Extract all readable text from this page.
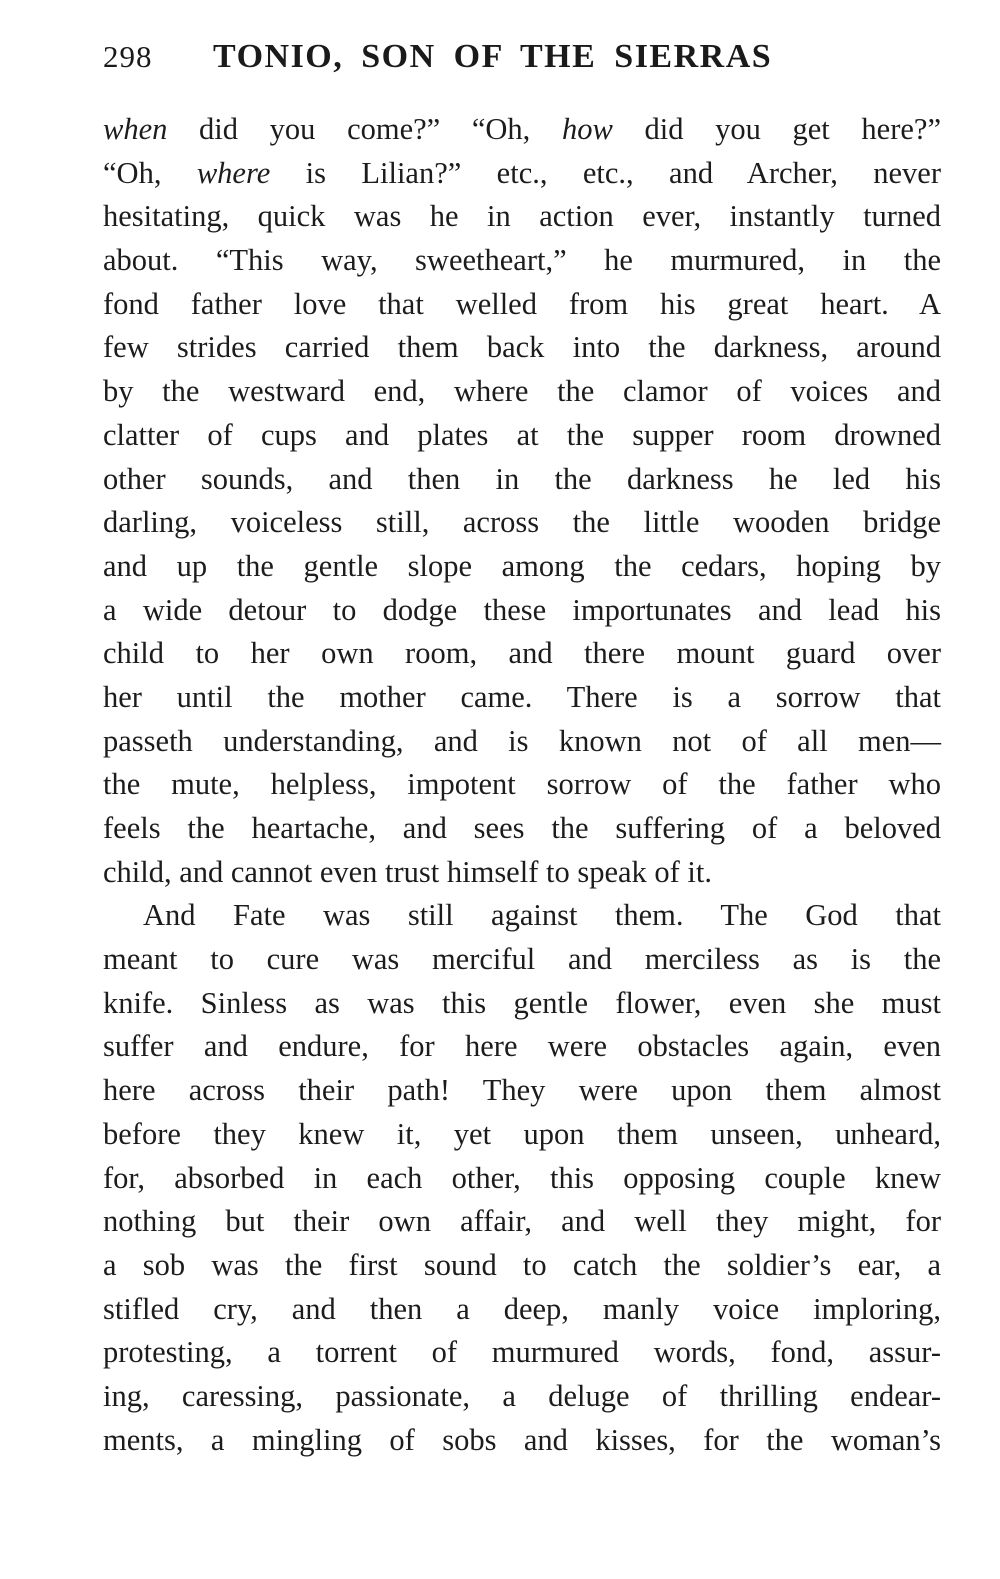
298	TONIO, SON OF THE SIERRAS
when did you come?” “Oh, how did you get here?”
“Oh, where is Lilian?” etc., etc., and Archer, never
hesitating, quick was he in action ever, instantly turned
about. “This way, sweetheart,” he murmured, in the
fond father love that welled from his great heart. A
few strides carried them back into the darkness, around
by the westward end, where the clamor of voices and
clatter of cups and plates at the supper room drowned
other sounds, and then in the darkness he led his
darling, voiceless still, across the little wooden bridge
and up the gentle slope among the cedars, hoping by
a wide detour to dodge these importunates and lead his
child to her own room, and there mount guard over
her until the mother came. There is a sorrow that
passeth understanding, and is known not of all men—
the mute, helpless, impotent sorrow of the father who
feels the heartache, and sees the suffering of a beloved
child, and cannot even trust himself to speak of it.
And Fate was still against them. The God that
meant to cure was merciful and merciless as is the
knife. Sinless as was this gentle flower, even she must
suffer and endure, for here were obstacles again, even
here across their path! They were upon them almost
before they knew it, yet upon them unseen, unheard,
for, absorbed in each other, this opposing couple knew
nothing but their own affair, and well they might, for
a sob was the first sound to catch the soldier’s ear, a
stifled cry, and then a deep, manly voice imploring,
protesting, a torrent of murmured words, fond, assur-
ing, caressing, passionate, a deluge of thrilling endear-
ments, a mingling of sobs and kisses, for the woman’s
